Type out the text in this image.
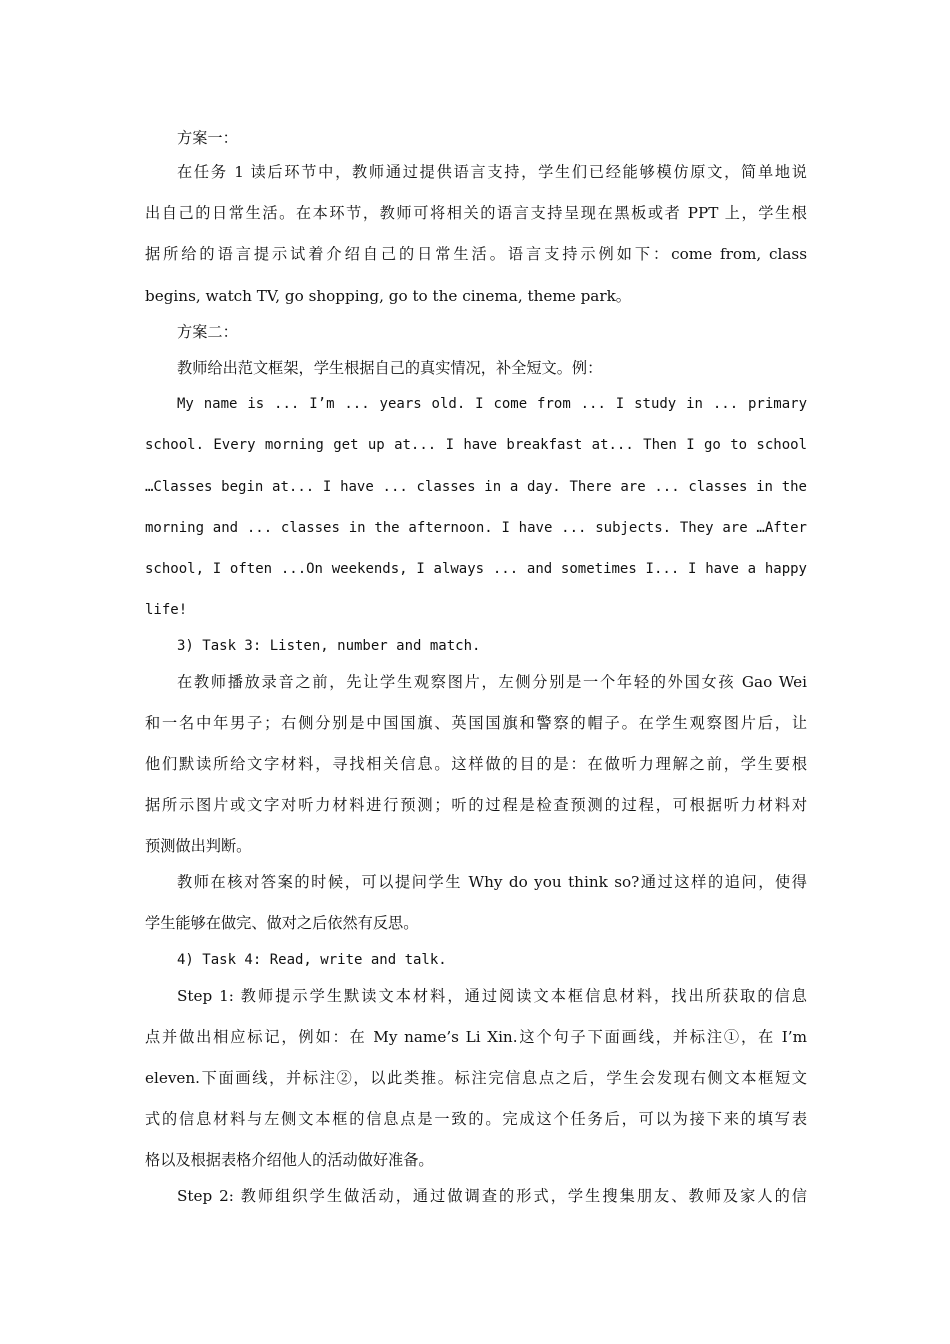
方案一：
在任务 1 读后环节中，教师通过提供语言支持，学生们已经能够模仿原文，简单地说
出自己的日常生活。在本环节，教师可将相关的语言支持呈现在黑板或者 PPT 上，学生根
据所给的语言提示试着介绍自己的日常生活。语言支持示例如下：come from, class
begins, watch TV, go shopping, go to the cinema, theme park。
方案二：
教师给出范文框架，学生根据自己的真实情况，补全短文。例：
My name is ... I’m ... years old. I come from ... I study in ... primary
school. Every morning get up at... I have breakfast at... Then I go to school
…Classes begin at... I have ... classes in a day. There are ... classes in the
morning and ... classes in the afternoon. I have ... subjects. They are …After
school, I often ...On weekends, I always ... and sometimes I... I have a happy
life!
3) Task 3: Listen, number and match.
在教师播放录音之前，先让学生观察图片，左侧分别是一个年轻的外国女孩 Gao Wei
和一名中年男子；右侧分别是中国国旗、英国国旗和警察的帽子。在学生观察图片后，让
他们默读所给文字材料，寻找相关信息。这样做的目的是：在做听力理解之前，学生要根
据所示图片或文字对听力材料进行预测；听的过程是检查预测的过程，可根据听力材料对
预测做出判断。
教师在核对答案的时候，可以提问学生 Why do you think so?通过这样的追问，使得
学生能够在做完、做对之后依然有反思。
4) Task 4: Read, write and talk.
Step 1: 教师提示学生默读文本材料，通过阅读文本框信息材料，找出所获取的信息
点并做出相应标记，例如：在 My name’s Li Xin.这个句子下面画线，并标注①，在 I’m
eleven.下面画线，并标注②，以此类推。标注完信息点之后，学生会发现右侧文本框短文
式的信息材料与左侧文本框的信息点是一致的。完成这个任务后，可以为接下来的填写表
格以及根据表格介绍他人的活动做好准备。
Step 2: 教师组织学生做活动，通过做调查的形式，学生搜集朋友、教师及家人的信
